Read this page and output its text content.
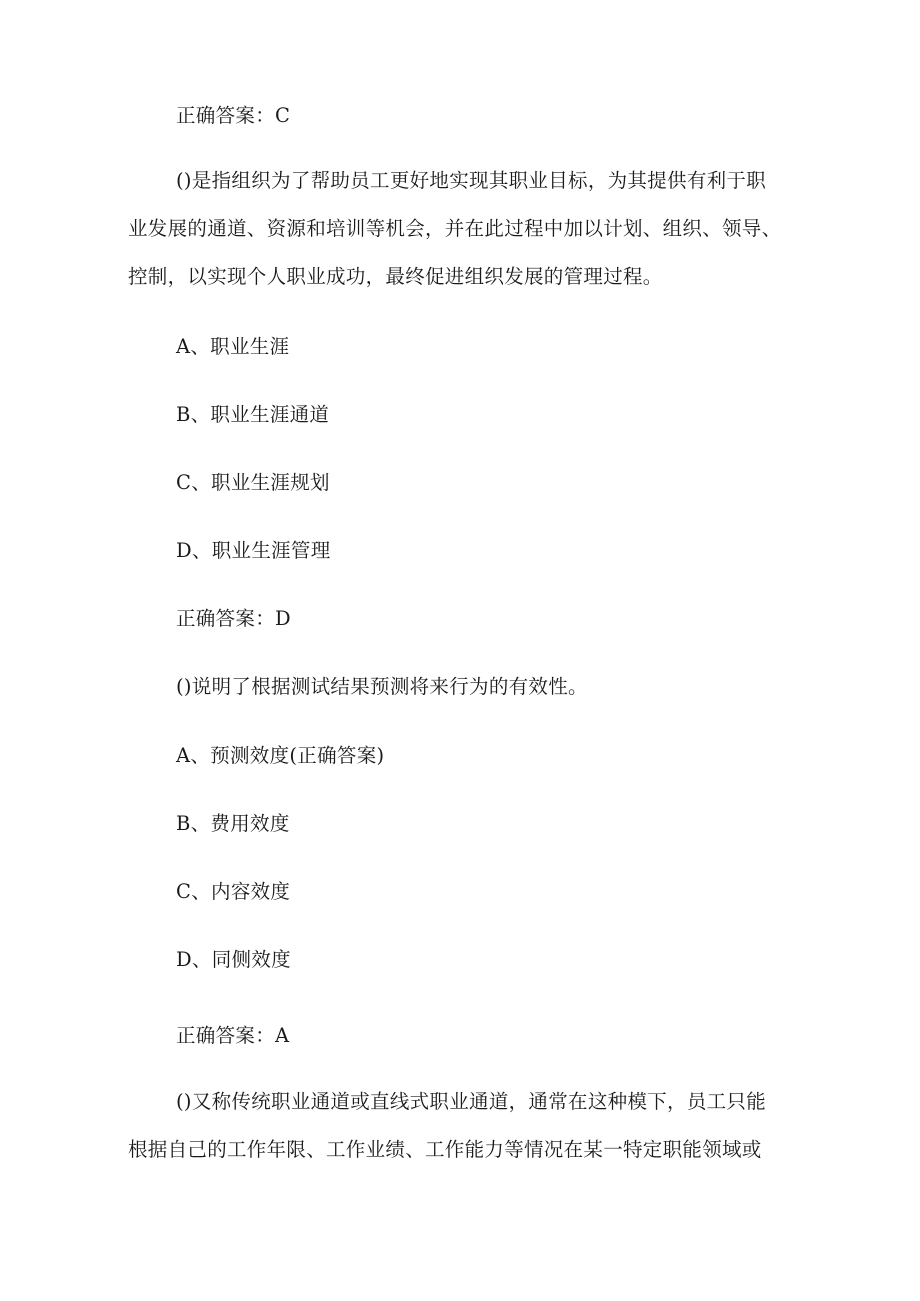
正确答案：C
()是指组织为了帮助员工更好地实现其职业目标，为其提供有利于职
业发展的通道、资源和培训等机会，并在此过程中加以计划、组织、领导、
控制，以实现个人职业成功，最终促进组织发展的管理过程。
A、职业生涯
B、职业生涯通道
C、职业生涯规划
D、职业生涯管理
正确答案：D
()说明了根据测试结果预测将来行为的有效性。
A、预测效度(正确答案)
B、费用效度
C、内容效度
D、同侧效度
正确答案：A
()又称传统职业通道或直线式职业通道，通常在这种模下，员工只能
根据自己的工作年限、工作业绩、工作能力等情况在某一特定职能领域或
